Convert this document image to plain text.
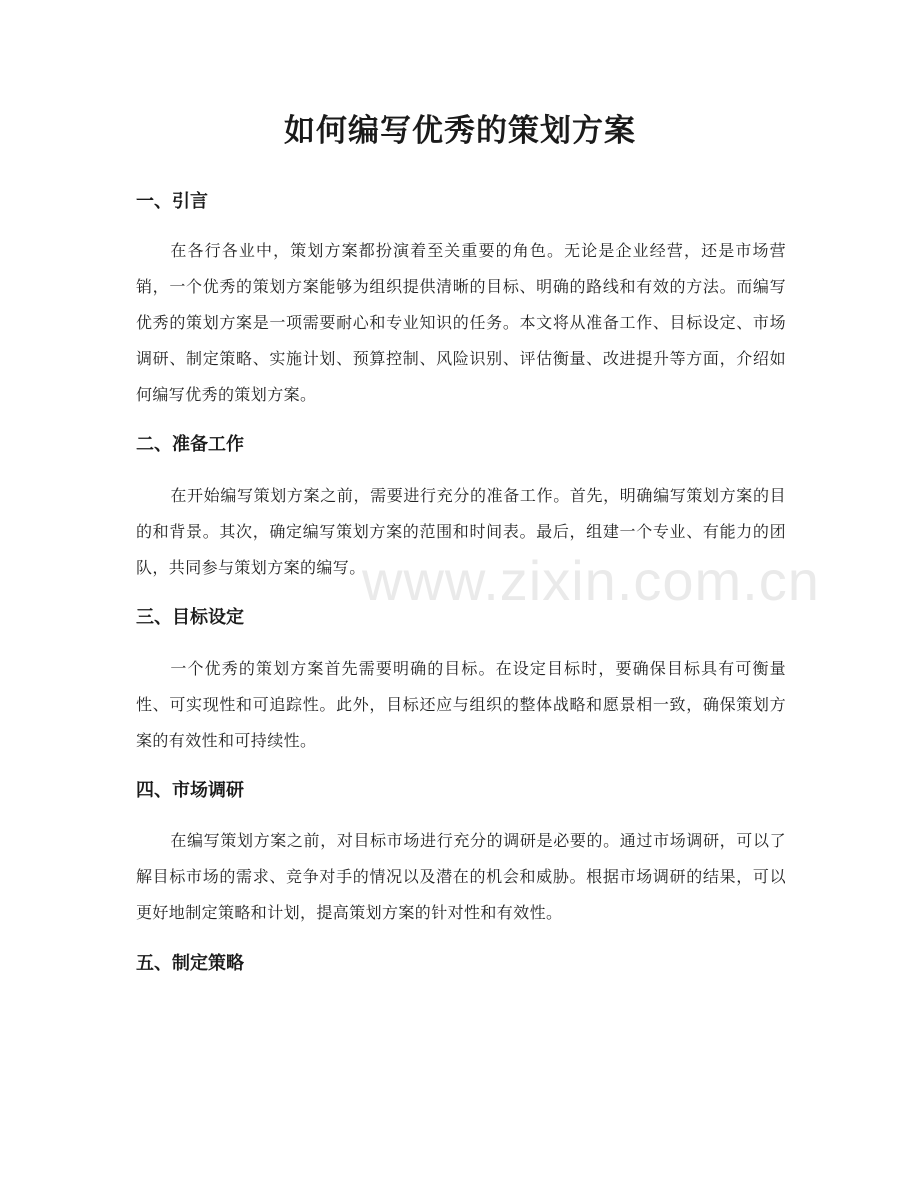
如何编写优秀的策划方案
一、引言

在各行各业中，策划方案都扮演着至关重要的角色。无论是企业经营，还是市场营销，一个优秀的策划方案能够为组织提供清晰的目标、明确的路线和有效的方法。而编写优秀的策划方案是一项需要耐心和专业知识的任务。本文将从准备工作、目标设定、市场调研、制定策略、实施计划、预算控制、风险识别、评估衡量、改进提升等方面，介绍如何编写优秀的策划方案。

二、准备工作

在开始编写策划方案之前，需要进行充分的准备工作。首先，明确编写策划方案的目的和背景。其次，确定编写策划方案的范围和时间表。最后，组建一个专业、有能力的团队，共同参与策划方案的编写。

三、目标设定

一个优秀的策划方案首先需要明确的目标。在设定目标时，要确保目标具有可衡量性、可实现性和可追踪性。此外，目标还应与组织的整体战略和愿景相一致，确保策划方案的有效性和可持续性。

四、市场调研

在编写策划方案之前，对目标市场进行充分的调研是必要的。通过市场调研，可以了解目标市场的需求、竞争对手的情况以及潜在的机会和威胁。根据市场调研的结果，可以更好地制定策略和计划，提高策划方案的针对性和有效性。

五、制定策略
www.zixin.com.cn
